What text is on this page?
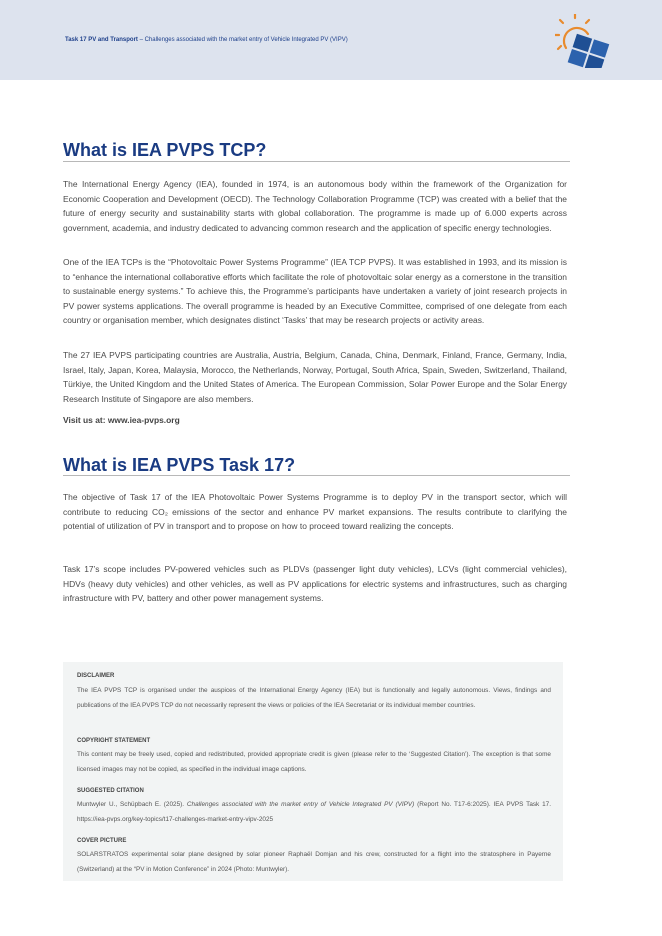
Task 17 PV and Transport – Challenges associated with the market entry of Vehicle Integrated PV (VIPV)
What is IEA PVPS TCP?

The International Energy Agency (IEA), founded in 1974, is an autonomous body within the framework of the Organization for Economic Cooperation and Development (OECD). The Technology Collaboration Programme (TCP) was created with a belief that the future of energy security and sustainability starts with global collaboration. The programme is made up of 6.000 experts across government, academia, and industry dedicated to advancing common research and the application of specific energy technologies.

One of the IEA TCPs is the “Photovoltaic Power Systems Programme” (IEA TCP PVPS). It was established in 1993, and its mission is to “enhance the international collaborative efforts which facilitate the role of photovoltaic solar energy as a cornerstone in the transition to sustainable energy systems.” To achieve this, the Programme’s participants have undertaken a variety of joint research projects in PV power systems applications. The overall programme is headed by an Executive Committee, comprised of one delegate from each country or organisation member, which designates distinct ‘Tasks’ that may be research projects or activity areas.

The 27 IEA PVPS participating countries are Australia, Austria, Belgium, Canada, China, Denmark, Finland, France, Germany, India, Israel, Italy, Japan, Korea, Malaysia, Morocco, the Netherlands, Norway, Portugal, South Africa, Spain, Sweden, Switzerland, Thailand, Türkiye, the United Kingdom and the United States of America. The European Commission, Solar Power Europe and the Solar Energy Research Institute of Singapore are also members.

Visit us at: www.iea-pvps.org

What is IEA PVPS Task 17?

The objective of Task 17 of the IEA Photovoltaic Power Systems Programme is to deploy PV in the transport sector, which will contribute to reducing CO₂ emissions of the sector and enhance PV market expansions. The results contribute to clarifying the potential of utilization of PV in transport and to propose on how to proceed toward realizing the concepts.

Task 17’s scope includes PV-powered vehicles such as PLDVs (passenger light duty vehicles), LCVs (light commercial vehicles), HDVs (heavy duty vehicles) and other vehicles, as well as PV applications for electric systems and infrastructures, such as charging infrastructure with PV, battery and other power management systems.

DISCLAIMER

The IEA PVPS TCP is organised under the auspices of the International Energy Agency (IEA) but is functionally and legally autonomous. Views, findings and publications of the IEA PVPS TCP do not necessarily represent the views or policies of the IEA Secretariat or its individual member countries.

COPYRIGHT STATEMENT

This content may be freely used, copied and redistributed, provided appropriate credit is given (please refer to the ‘Suggested Citation’). The exception is that some licensed images may not be copied, as specified in the individual image captions.

SUGGESTED CITATION

Muntwyler U., Schüpbach E. (2025). Challenges associated with the market entry of Vehicle Integrated PV (VIPV) (Report No. T17-6:2025). IEA PVPS Task 17. https://iea-pvps.org/key-topics/t17-challenges-market-entry-vipv-2025

COVER PICTURE

SOLARSTRATOS experimental solar plane designed by solar pioneer Raphaël Domjan and his crew, constructed for a flight into the stratosphere in Payerne (Switzerland) at the “PV in Motion Conference” in 2024 (Photo: Muntwyler).
